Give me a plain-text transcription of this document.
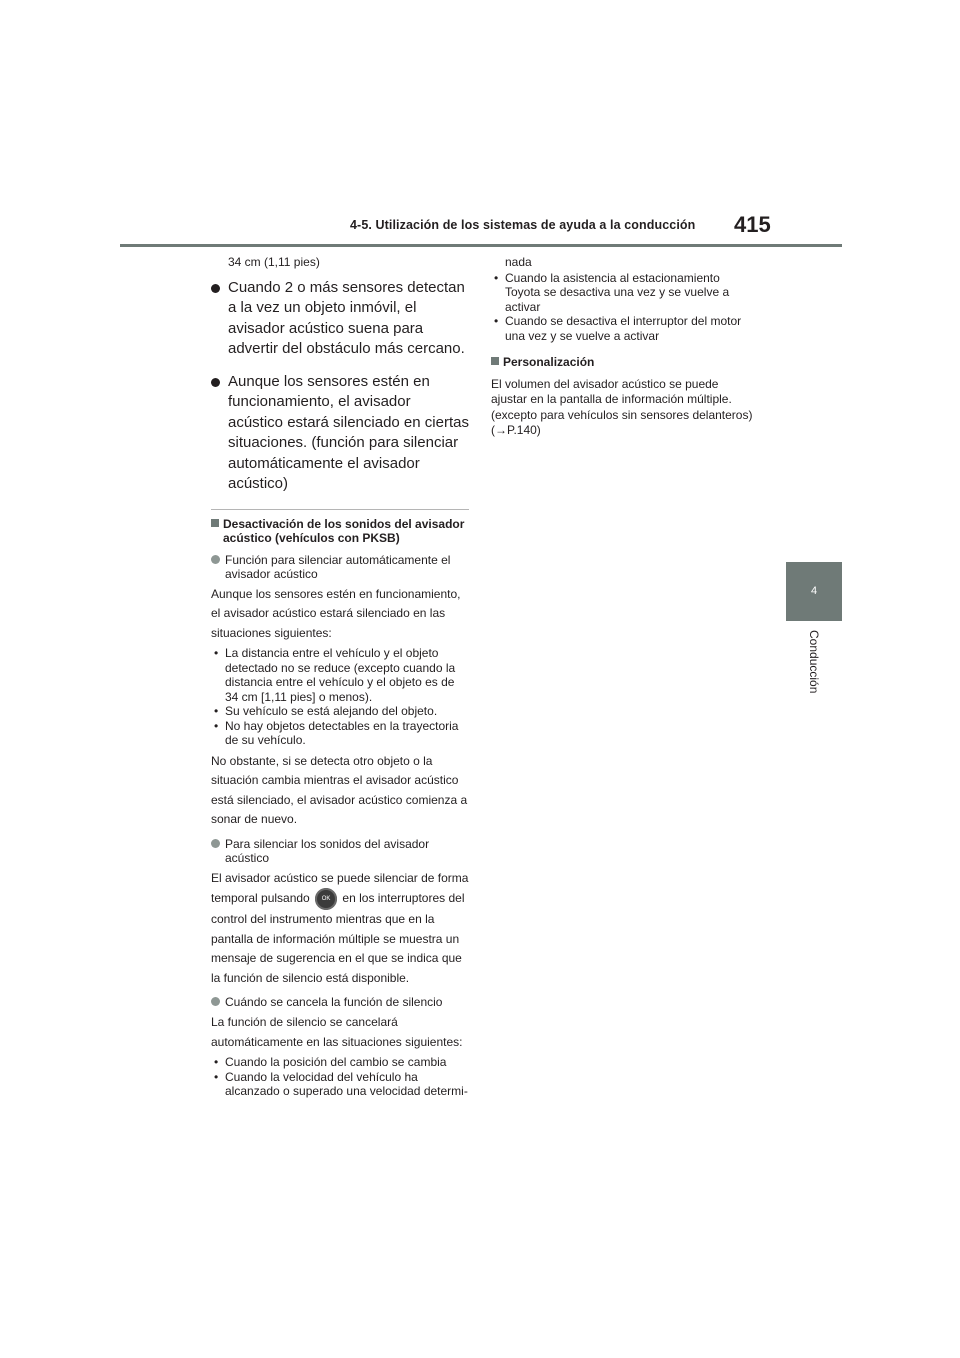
4-5. Utilización de los sistemas de ayuda a la conducción 415
4
Conducción
34 cm (1,11 pies)
Cuando 2 o más sensores detectan a la vez un objeto inmóvil, el avisador acústico suena para advertir del obstáculo más cercano.
Aunque los sensores estén en funcionamiento, el avisador acústico estará silenciado en ciertas situaciones. (función para silenciar automáticamente el avisador acústico)
Desactivación de los sonidos del avisador acústico (vehículos con PKSB)
Función para silenciar automáticamente el avisador acústico

Aunque los sensores estén en funcionamiento, el avisador acústico estará silenciado en las situaciones siguientes:

• La distancia entre el vehículo y el objeto detectado no se reduce (excepto cuando la distancia entre el vehículo y el objeto es de 34 cm [1,11 pies] o menos).
• Su vehículo se está alejando del objeto.
• No hay objetos detectables en la trayectoria de su vehículo.

No obstante, si se detecta otro objeto o la situación cambia mientras el avisador acústico está silenciado, el avisador acústico comienza a sonar de nuevo.

Para silenciar los sonidos del avisador acústico

El avisador acústico se puede silenciar de forma temporal pulsando OK en los interruptores del control del instrumento mientras que en la pantalla de información múltiple se muestra un mensaje de sugerencia en el que se indica que la función de silencio está disponible.

Cuándo se cancela la función de silencio

La función de silencio se cancelará automáticamente en las situaciones siguientes:

• Cuando la posición del cambio se cambia
• Cuando la velocidad del vehículo ha alcanzado o superado una velocidad determi-
nada
• Cuando la asistencia al estacionamiento Toyota se desactiva una vez y se vuelve a activar
• Cuando se desactiva el interruptor del motor una vez y se vuelve a activar
Personalización

El volumen del avisador acústico se puede ajustar en la pantalla de información múltiple. (excepto para vehículos sin sensores delanteros) (→P.140)
